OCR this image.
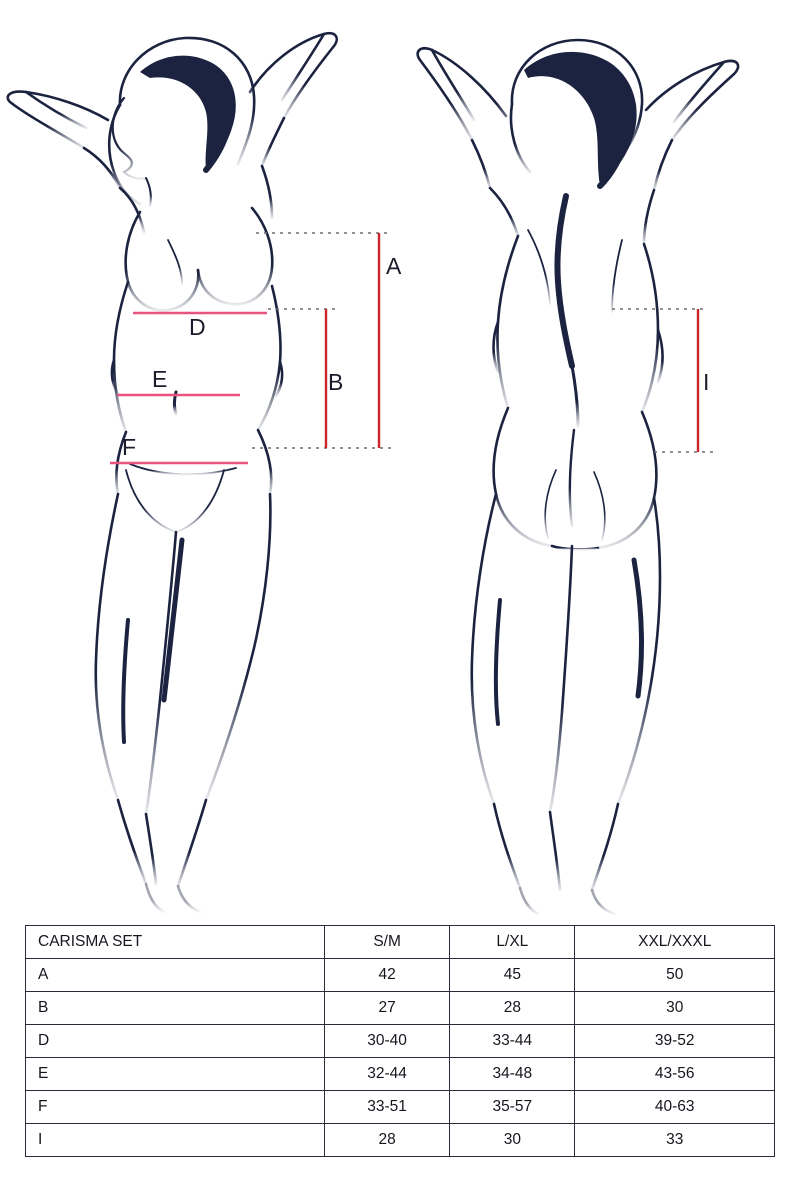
A
B
D
E
F
I
CARISMA SET	S/M	L/XL	XXL/XXXL
A	42	45	50
B	27	28	30
D	30-40	33-44	39-52
E	32-44	34-48	43-56
F	33-51	35-57	40-63
I	28	30	33
